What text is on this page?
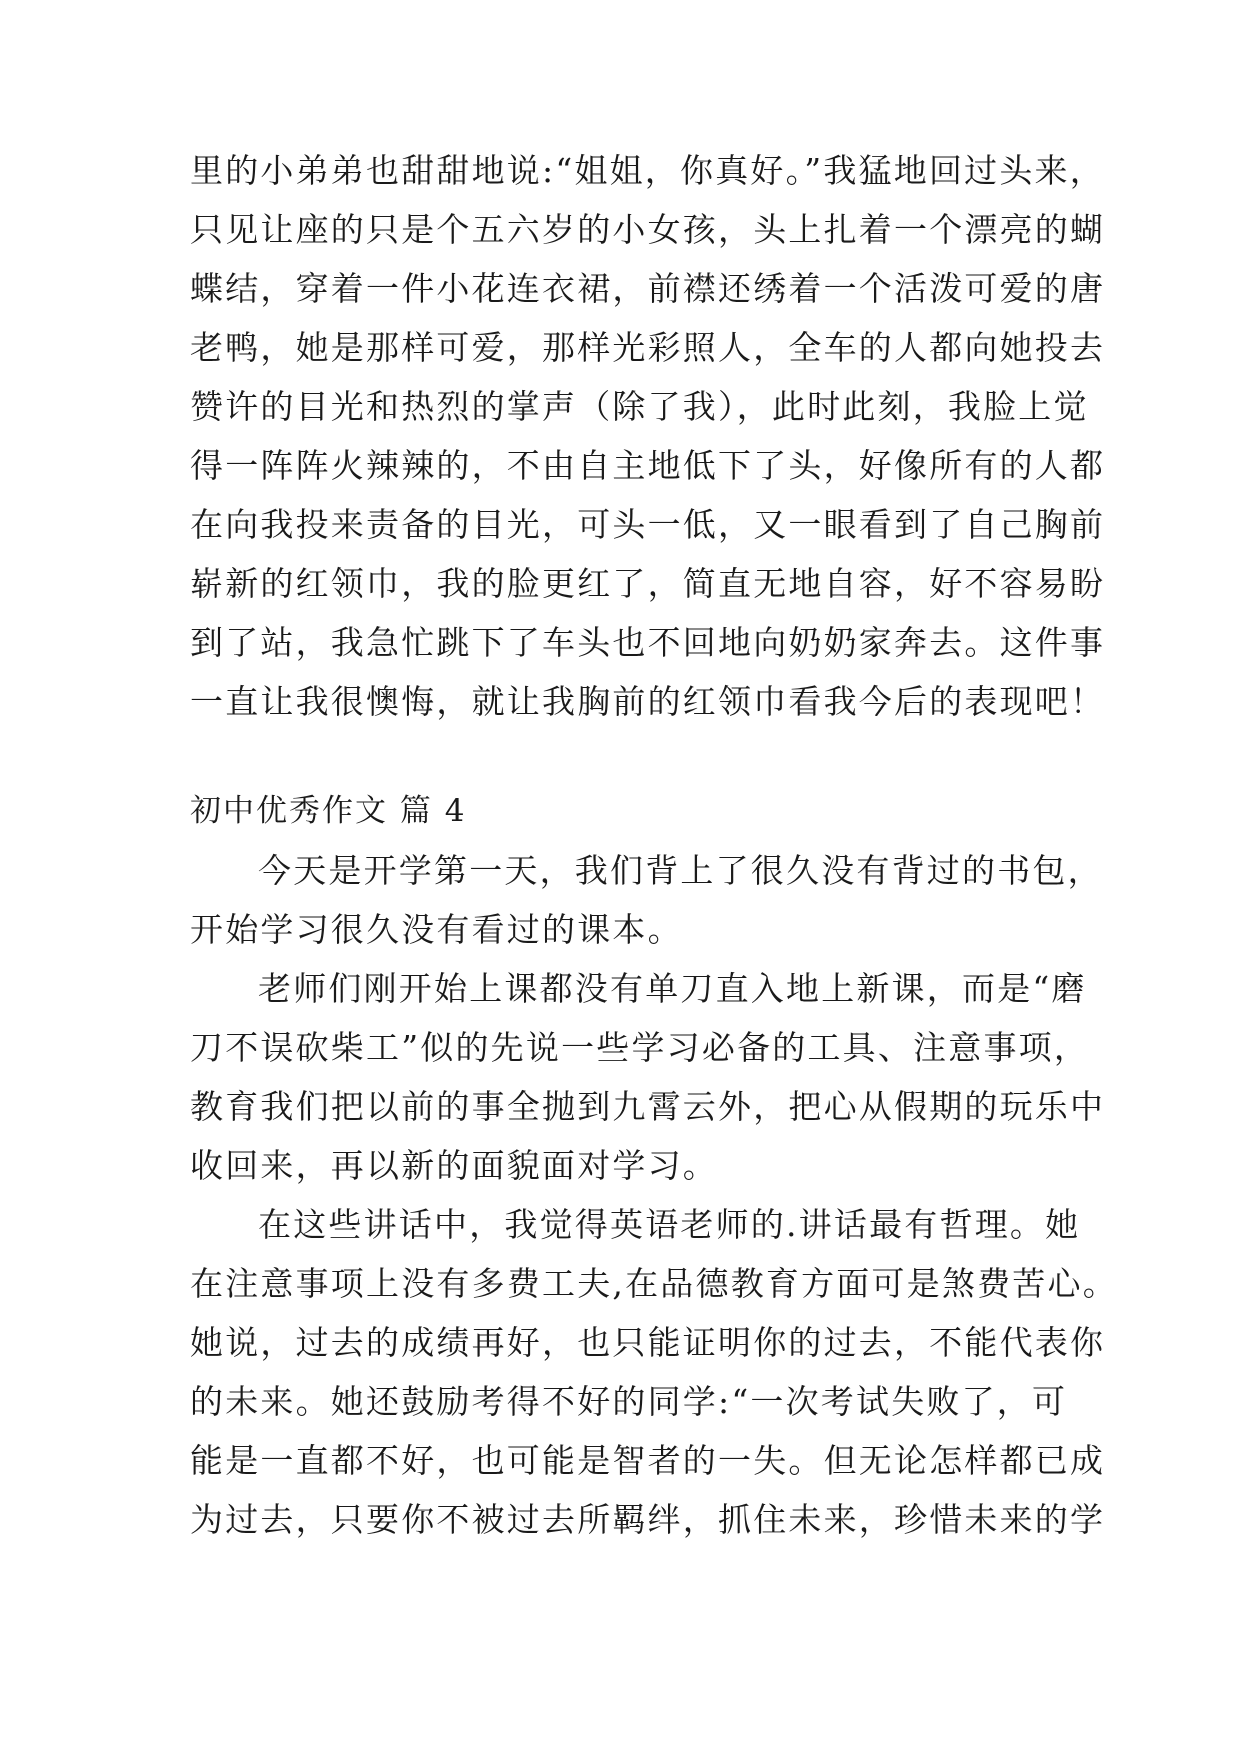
里的小弟弟也甜甜地说:“姐姐，你真好。”我猛地回过头来，
只见让座的只是个五六岁的小女孩，头上扎着一个漂亮的蝴
蝶结，穿着一件小花连衣裙，前襟还绣着一个活泼可爱的唐
老鸭，她是那样可爱，那样光彩照人，全车的人都向她投去
赞许的目光和热烈的掌声（除了我），此时此刻，我脸上觉
得一阵阵火辣辣的，不由自主地低下了头，好像所有的人都
在向我投来责备的目光，可头一低，又一眼看到了自己胸前
崭新的红领巾，我的脸更红了，简直无地自容，好不容易盼
到了站，我急忙跳下了车头也不回地向奶奶家奔去。这件事
一直让我很懊悔，就让我胸前的红领巾看我今后的表现吧！
初中优秀作文 篇 4
今天是开学第一天，我们背上了很久没有背过的书包，
开始学习很久没有看过的课本。
老师们刚开始上课都没有单刀直入地上新课，而是“磨
刀不误砍柴工”似的先说一些学习必备的工具、注意事项，
教育我们把以前的事全抛到九霄云外，把心从假期的玩乐中
收回来，再以新的面貌面对学习。
在这些讲话中，我觉得英语老师的.讲话最有哲理。她
在注意事项上没有多费工夫,在品德教育方面可是煞费苦心。
她说，过去的成绩再好，也只能证明你的过去，不能代表你
的未来。她还鼓励考得不好的同学:“一次考试失败了，可
能是一直都不好，也可能是智者的一失。但无论怎样都已成
为过去，只要你不被过去所羁绊，抓住未来，珍惜未来的学
